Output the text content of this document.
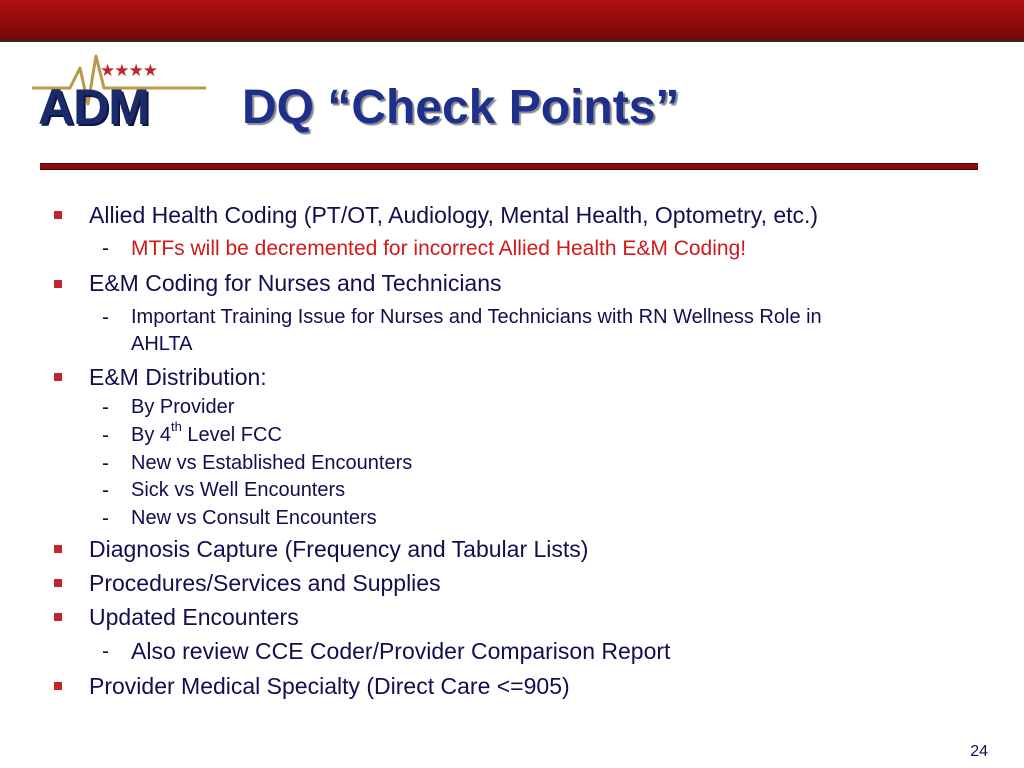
★★★★
ADM DQ “Check Points”
Allied Health Coding (PT/OT, Audiology, Mental Health, Optometry, etc.)
- MTFs will be decremented for incorrect Allied Health E&M Coding!
E&M Coding for Nurses and Technicians
- Important Training Issue for Nurses and Technicians with RN Wellness Role in
AHLTA
E&M Distribution:
- By Provider
- By 4th Level FCC
- New vs Established Encounters
- Sick vs Well Encounters
- New vs Consult Encounters
Diagnosis Capture (Frequency and Tabular Lists)
Procedures/Services and Supplies
Updated Encounters
- Also review CCE Coder/Provider Comparison Report
Provider Medical Specialty (Direct Care <=905)
24
